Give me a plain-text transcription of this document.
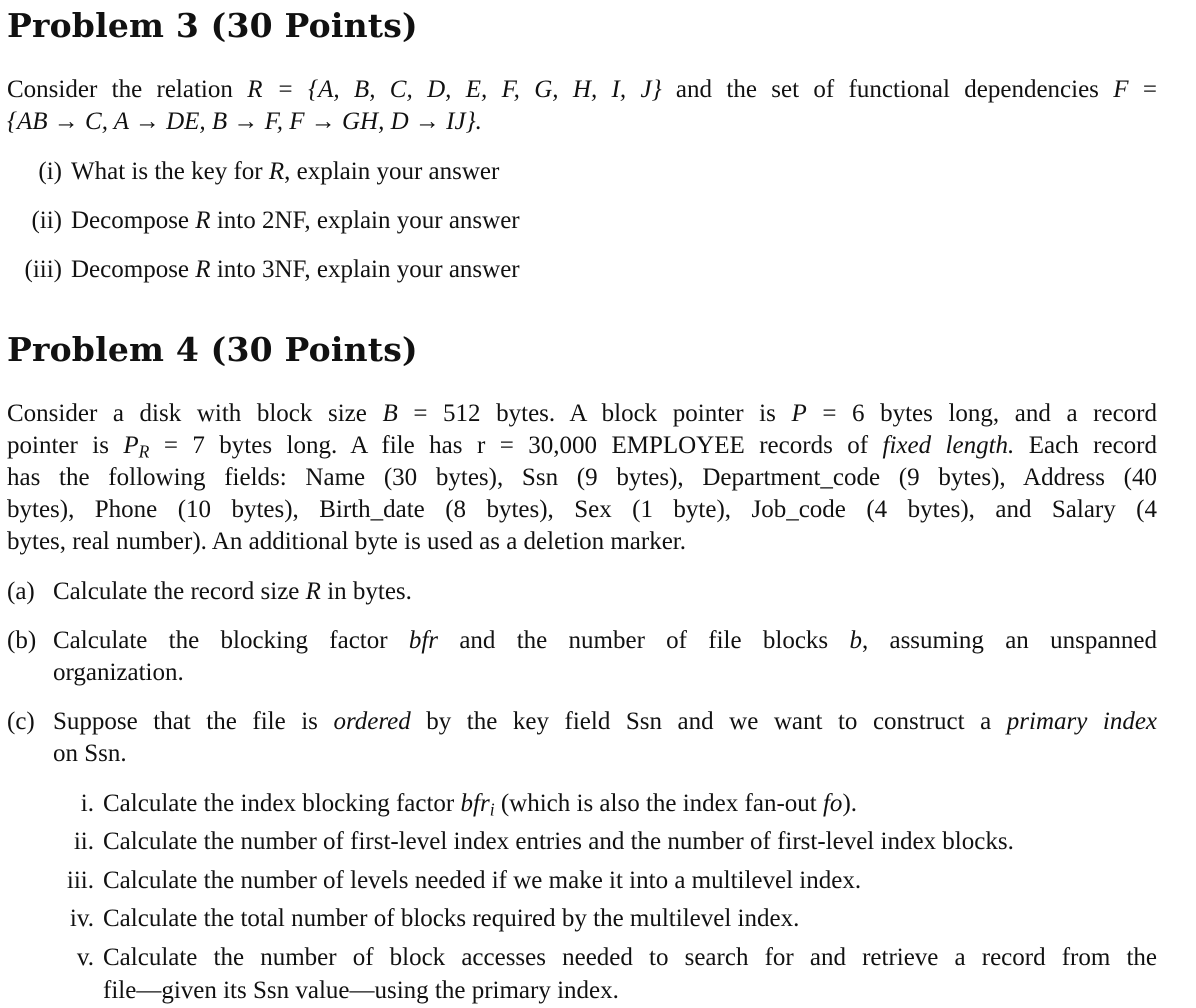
Problem 3 (30 Points)
Consider the relation R = {A, B, C, D, E, F, G, H, I, J} and the set of functional dependencies F =
{AB → C, A → DE, B → F, F → GH, D → IJ}.
(i) What is the key for R, explain your answer
(ii) Decompose R into 2NF, explain your answer
(iii) Decompose R into 3NF, explain your answer
Problem 4 (30 Points)
Consider a disk with block size B = 512 bytes. A block pointer is P = 6 bytes long, and a record
pointer is $P_R = 7$ bytes long. A file has r = 30,000 EMPLOYEE records of fixed length. Each record
has the following fields: Name (30 bytes), Ssn (9 bytes), Department_code (9 bytes), Address (40
bytes), Phone (10 bytes), Birth_date (8 bytes), Sex (1 byte), Job_code (4 bytes), and Salary (4
bytes, real number). An additional byte is used as a deletion marker.
(a) Calculate the record size R in bytes.
(b) Calculate the blocking factor bfr and the number of file blocks b, assuming an unspanned
organization.
(c) Suppose that the file is ordered by the key field Ssn and we want to construct a primary index
on Ssn.
i. Calculate the index blocking factor bfr$_i$ (which is also the index fan-out fo).
ii. Calculate the number of first-level index entries and the number of first-level index blocks.
iii. Calculate the number of levels needed if we make it into a multilevel index.
iv. Calculate the total number of blocks required by the multilevel index.
v. Calculate the number of block accesses needed to search for and retrieve a record from the
file—given its Ssn value—using the primary index.
